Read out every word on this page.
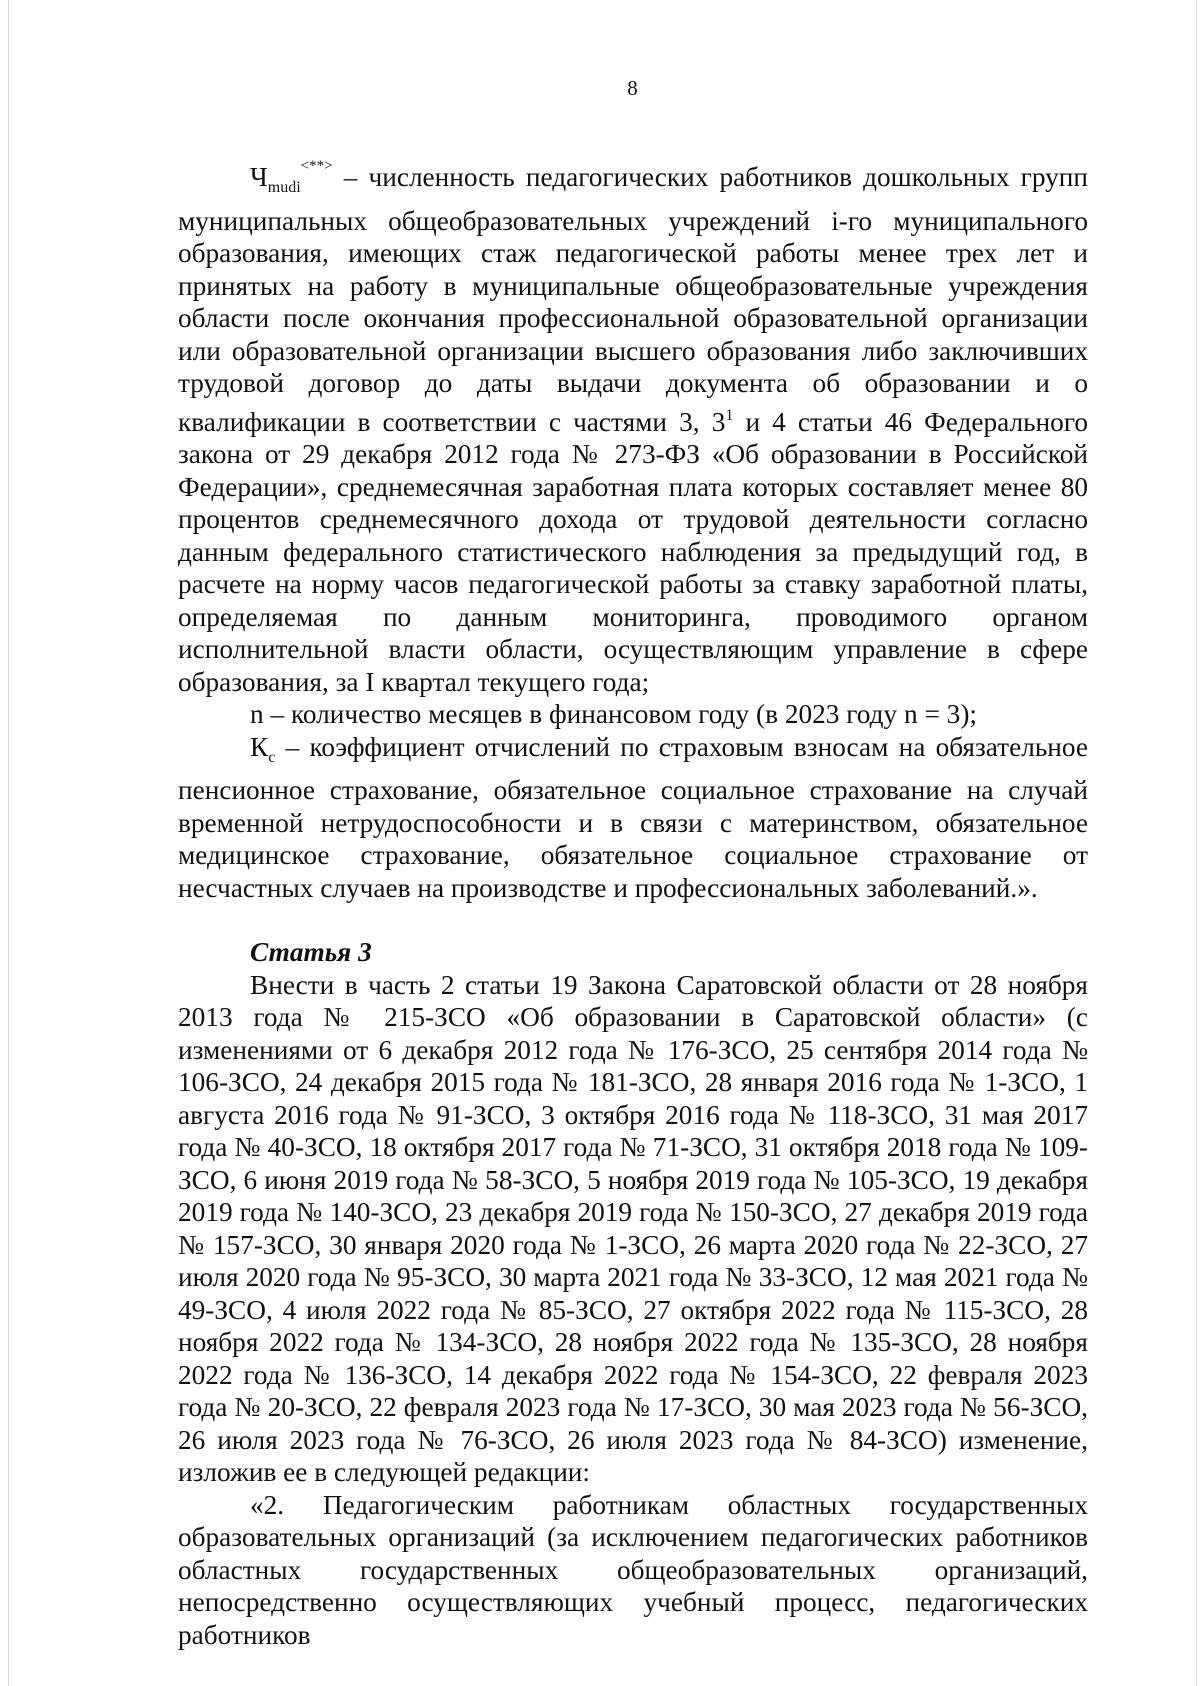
8

$Ч_{mudi}^{<**>}$ – численность педагогических работников дошкольных групп муниципальных общеобразовательных учреждений i-го муниципального образования, имеющих стаж педагогической работы менее трех лет и принятых на работу в муниципальные общеобразовательные учреждения области после окончания профессиональной образовательной организации или образовательной организации высшего образования либо заключивших трудовой договор до даты выдачи документа об образовании и о квалификации в соответствии с частями 3, $3^1$ и 4 статьи 46 Федерального закона от 29 декабря 2012 года № 273-ФЗ «Об образовании в Российской Федерации», среднемесячная заработная плата которых составляет менее 80 процентов среднемесячного дохода от трудовой деятельности согласно данным федерального статистического наблюдения за предыдущий год, в расчете на норму часов педагогической работы за ставку заработной платы, определяемая по данным мониторинга, проводимого органом исполнительной власти области, осуществляющим управление в сфере образования, за I квартал текущего года;

n – количество месяцев в финансовом году (в 2023 году n = 3);

$К_с$ – коэффициент отчислений по страховым взносам на обязательное пенсионное страхование, обязательное социальное страхование на случай временной нетрудоспособности и в связи с материнством, обязательное медицинское страхование, обязательное социальное страхование от несчастных случаев на производстве и профессиональных заболеваний.».

Статья 3

Внести в часть 2 статьи 19 Закона Саратовской области от 28 ноября 2013 года № 215-ЗСО «Об образовании в Саратовской области» (с изменениями от 6 декабря 2012 года № 176-ЗСО, 25 сентября 2014 года № 106-ЗСО, 24 декабря 2015 года № 181-ЗСО, 28 января 2016 года № 1-ЗСО, 1 августа 2016 года № 91-ЗСО, 3 октября 2016 года № 118-ЗСО, 31 мая 2017 года № 40-ЗСО, 18 октября 2017 года № 71-ЗСО, 31 октября 2018 года № 109-ЗСО, 6 июня 2019 года № 58-ЗСО, 5 ноября 2019 года № 105-ЗСО, 19 декабря 2019 года № 140-ЗСО, 23 декабря 2019 года № 150-ЗСО, 27 декабря 2019 года № 157-ЗСО, 30 января 2020 года № 1-ЗСО, 26 марта 2020 года № 22-ЗСО, 27 июля 2020 года № 95-ЗСО, 30 марта 2021 года № 33-ЗСО, 12 мая 2021 года № 49-ЗСО, 4 июля 2022 года № 85-ЗСО, 27 октября 2022 года № 115-ЗСО, 28 ноября 2022 года № 134-ЗСО, 28 ноября 2022 года № 135-ЗСО, 28 ноября 2022 года № 136-ЗСО, 14 декабря 2022 года № 154-ЗСО, 22 февраля 2023 года № 20-ЗСО, 22 февраля 2023 года № 17-ЗСО, 30 мая 2023 года № 56-ЗСО, 26 июля 2023 года № 76-ЗСО, 26 июля 2023 года № 84-ЗСО) изменение, изложив ее в следующей редакции:

«2. Педагогическим работникам областных государственных образовательных организаций (за исключением педагогических работников областных государственных общеобразовательных организаций, непосредственно осуществляющих учебный процесс, педагогических работников
